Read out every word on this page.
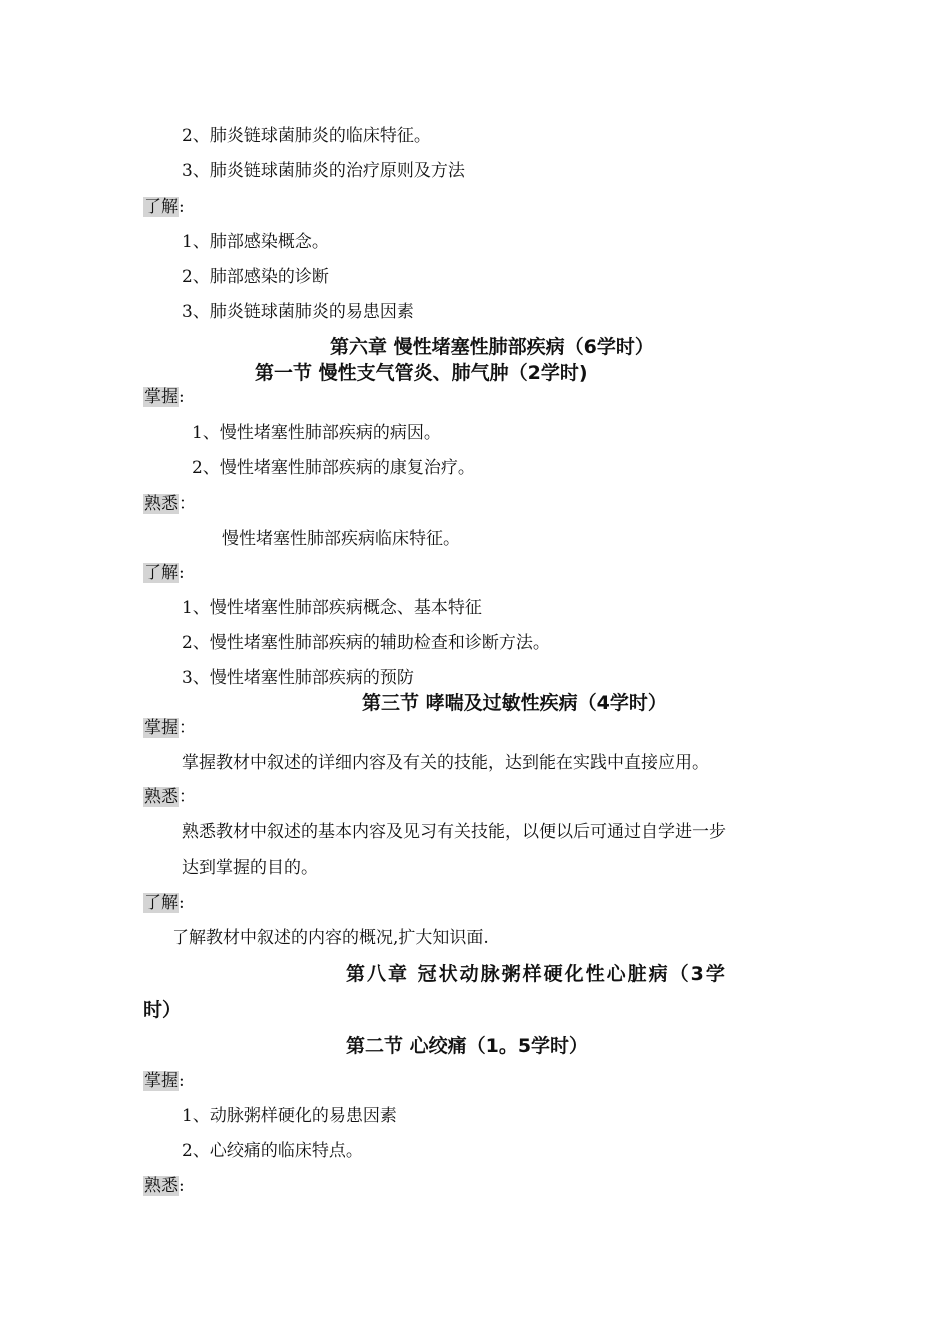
2、肺炎链球菌肺炎的临床特征。
3、肺炎链球菌肺炎的治疗原则及方法
了解:
1、肺部感染概念。
2、肺部感染的诊断
3、肺炎链球菌肺炎的易患因素
第六章 慢性堵塞性肺部疾病（6学时）
第一节 慢性支气管炎、肺气肿（2学时)
掌握:
1、慢性堵塞性肺部疾病的病因。
2、慢性堵塞性肺部疾病的康复治疗。
熟悉：
慢性堵塞性肺部疾病临床特征。
了解:
1、慢性堵塞性肺部疾病概念、基本特征
2、慢性堵塞性肺部疾病的辅助检查和诊断方法。
3、慢性堵塞性肺部疾病的预防
第三节 哮喘及过敏性疾病（4学时）
掌握：
掌握教材中叙述的详细内容及有关的技能，达到能在实践中直接应用。
熟悉：
熟悉教材中叙述的基本内容及见习有关技能，以便以后可通过自学进一步
达到掌握的目的。
了解:
了解教材中叙述的内容的概况,扩大知识面.
第八章 冠状动脉粥样硬化性心脏病（3学
时）
第二节 心绞痛（1。5学时）
掌握:
1、动脉粥样硬化的易患因素
2、心绞痛的临床特点。
熟悉:
